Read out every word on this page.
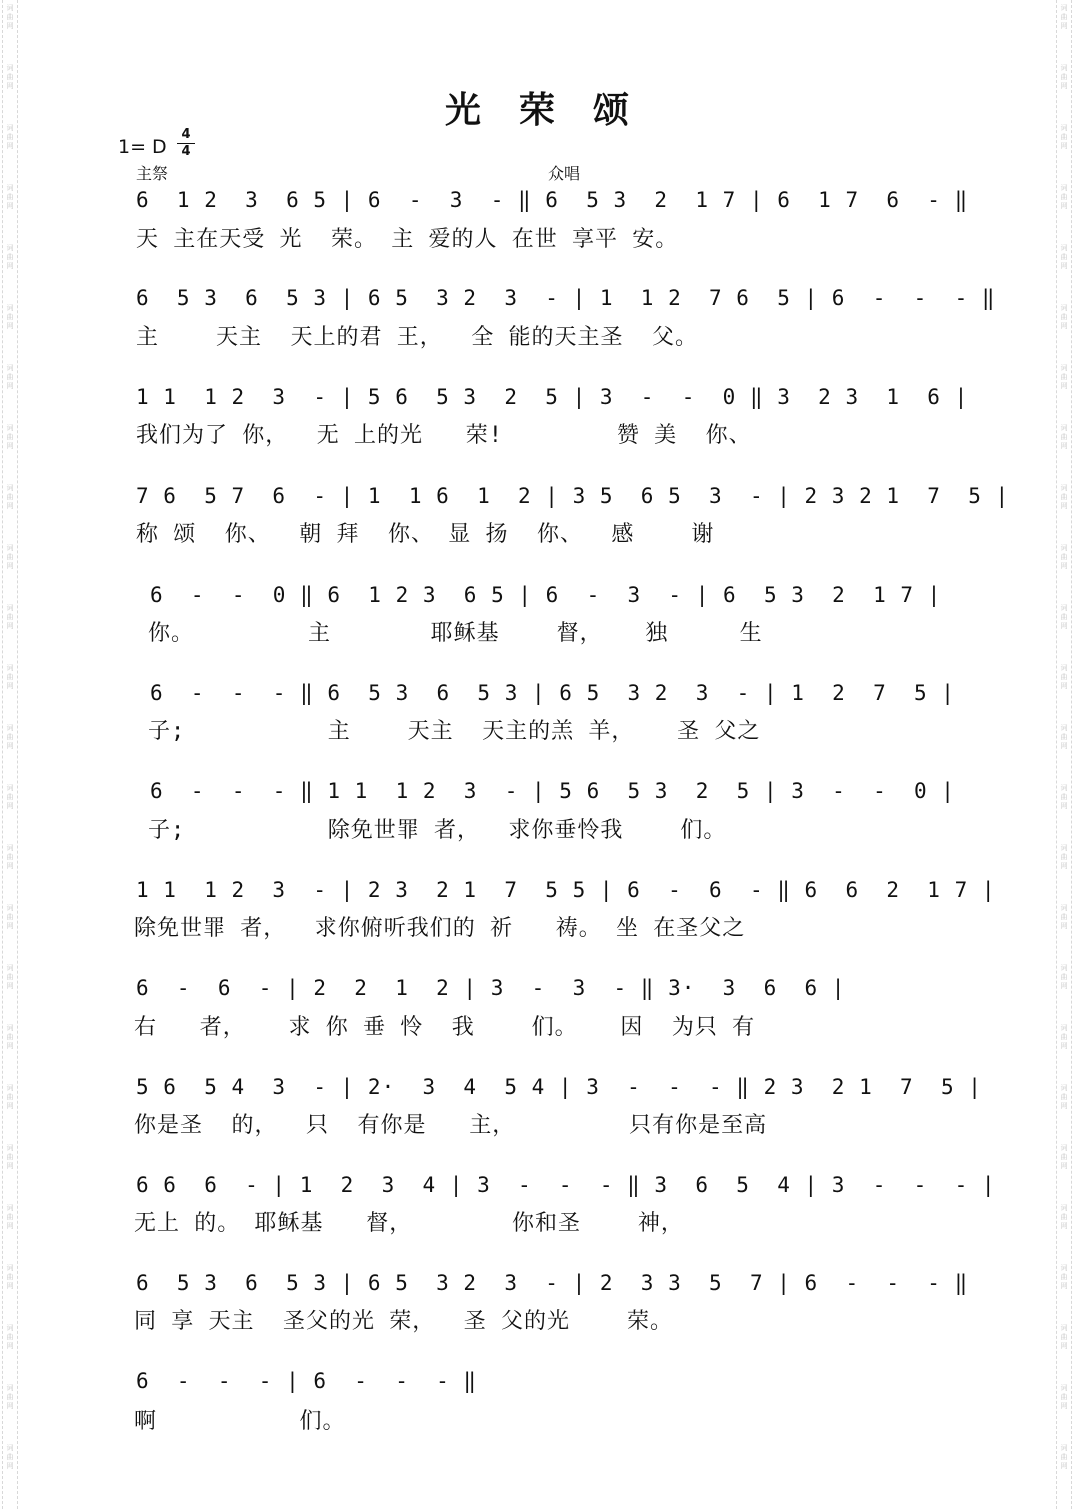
词
曲
网
词
曲
网
词
曲
网
词
曲
网
词
曲
网
词
曲
网
词
曲
网
词
曲
网
词
曲
网
词
曲
网
词
曲
网
词
曲
网
词
曲
网
词
曲
网
词
曲
网
词
曲
网
词
曲
网
词
曲
网
词
曲
网
词
曲
网
词
曲
网
词
曲
网
词
曲
网
词
曲
网
词
曲
网
词
曲
网
词
曲
网
词
曲
网
词
曲
网
词
曲
网
词
曲
网
词
曲
网
词
曲
网
词
曲
网
词
曲
网
词
曲
网
词
曲
网
词
曲
网
词
曲
网
词
曲
网
词
曲
网
词
曲
网
词
曲
网
词
曲
网
词
曲
网
词
曲
网
词
曲
网
词
曲
网
词
曲
网
词
曲
网
光荣颂
1= D
4
4
主祭	众唱
6  1 2  3  6 5 | 6  -  3  - ‖ 6  5 3  2  1 7 | 6  1 7  6  - ‖
天 主在天受 光  荣。 主 爱的人 在世 享平 安。
6  5 3  6  5 3 | 6 5  3 2  3  - | 1  1 2  7 6  5 | 6  -  -  - ‖
主    天主  天上的君 王，  全 能的天主圣  父。
1 1  1 2  3  - | 5 6  5 3  2  5 | 3  -  -  0 ‖ 3  2 3  1  6 |
我们为了 你，  无 上的光   荣!        赞 美  你、
7 6  5 7  6  - | 1  1 6  1  2 | 3 5  6 5  3  - | 2 3 2 1  7  5 |
称 颂  你、  朝 拜  你、 显 扬  你、  感    谢
6  -  -  0 ‖ 6  1 2 3  6 5 | 6  -  3  - | 6  5 3  2  1 7 |
你。        主       耶稣基    督，   独     生
6  -  -  - ‖ 6  5 3  6  5 3 | 6 5  3 2  3  - | 1  2  7  5 |
子;          主    天主  天主的羔 羊，   圣 父之
6  -  -  - ‖ 1 1  1 2  3  - | 5 6  5 3  2  5 | 3  -  -  0 |
子;          除免世罪 者，  求你垂怜我    们。
1 1  1 2  3  - | 2 3  2 1  7  5 5 | 6  -  6  - ‖ 6  6  2  1 7 |
除免世罪 者，  求你俯听我们的 祈   祷。 坐 在圣父之
6  -  6  - | 2  2  1  2 | 3  -  3  - ‖ 3·  3  6  6 |
右   者，   求 你 垂 怜  我    们。   因  为只 有
5 6  5 4  3  - | 2·  3  4  5 4 | 3  -  -  - ‖ 2 3  2 1  7  5 |
你是圣  的，  只  有你是   主，        只有你是至高
6 6  6  - | 1  2  3  4 | 3  -  -  - ‖ 3  6  5  4 | 3  -  -  - |
无上 的。 耶稣基   督，       你和圣    神，
6  5 3  6  5 3 | 6 5  3 2  3  - | 2  3 3  5  7 | 6  -  -  - ‖
同 享 天主  圣父的光 荣，  圣 父的光    荣。
6  -  -  - | 6  -  -  - ‖
啊          们。
